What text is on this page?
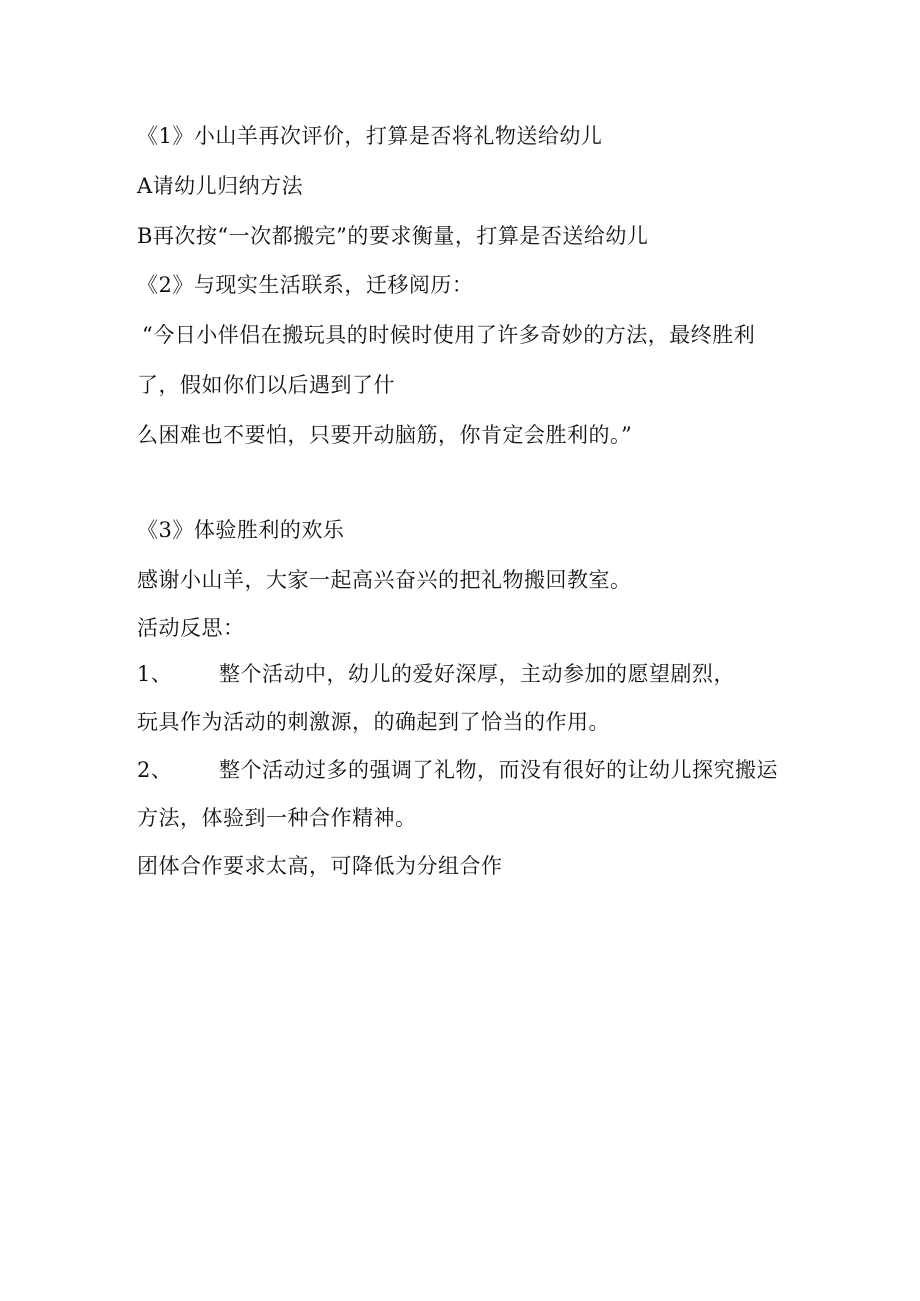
《1》小山羊再次评价，打算是否将礼物送给幼儿
A请幼儿归纳方法
B再次按“一次都搬完”的要求衡量，打算是否送给幼儿
《2》与现实生活联系，迁移阅历：
“今日小伴侣在搬玩具的时候时使用了许多奇妙的方法，最终胜利
了，假如你们以后遇到了什
么困难也不要怕，只要开动脑筋，你肯定会胜利的。”
《3》体验胜利的欢乐
感谢小山羊，大家一起高兴奋兴的把礼物搬回教室。
活动反思：
1、 整个活动中，幼儿的爱好深厚，主动参加的愿望剧烈，
玩具作为活动的刺激源，的确起到了恰当的作用。
2、 整个活动过多的强调了礼物，而没有很好的让幼儿探究搬运
方法，体验到一种合作精神。
团体合作要求太高，可降低为分组合作
